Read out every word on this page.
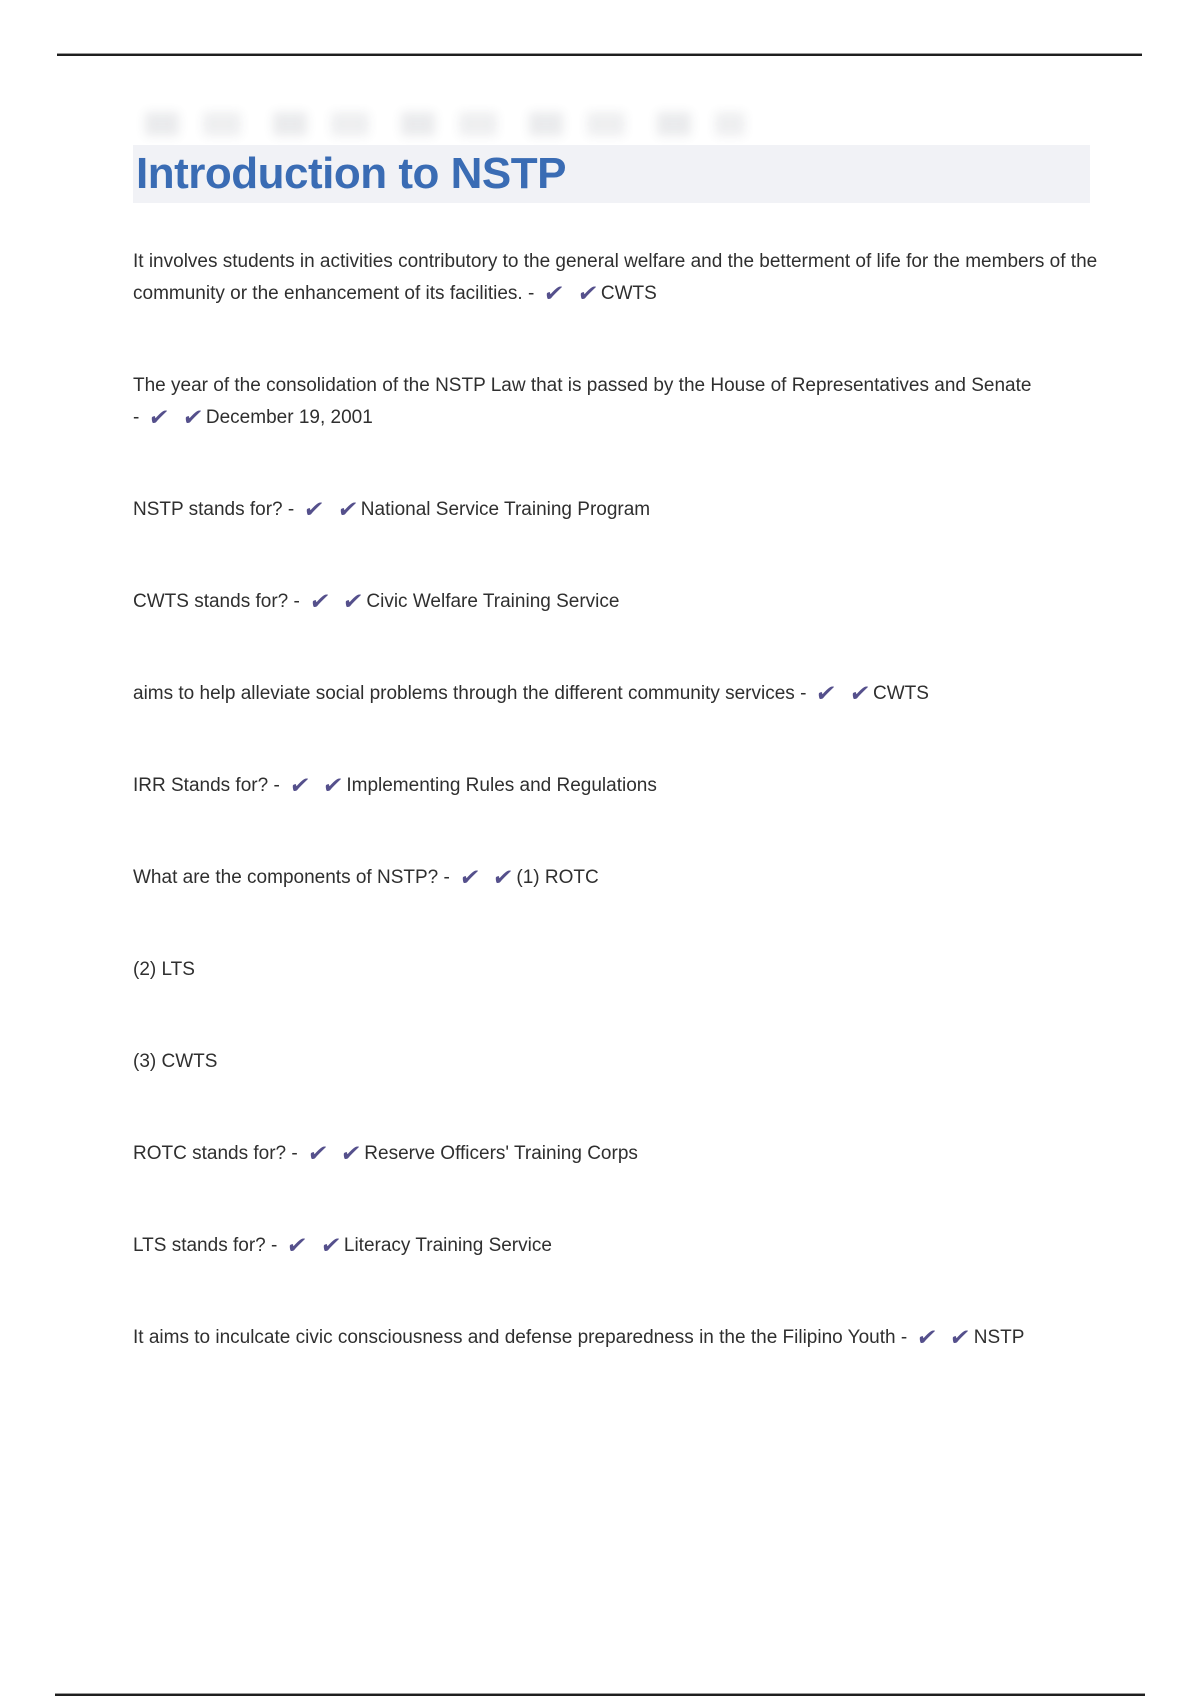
Introduction to NSTP

It involves students in activities contributory to the general welfare and the betterment of life for the members of the community or the enhancement of its facilities. - ✔ ✔CWTS

The year of the consolidation of the NSTP Law that is passed by the House of Representatives and Senate - ✔ ✔December 19, 2001

NSTP stands for? - ✔ ✔National Service Training Program

CWTS stands for? - ✔ ✔Civic Welfare Training Service

aims to help alleviate social problems through the different community services - ✔ ✔CWTS

IRR Stands for? - ✔ ✔Implementing Rules and Regulations

What are the components of NSTP? - ✔ ✔(1) ROTC

(2) LTS

(3) CWTS

ROTC stands for? - ✔ ✔Reserve Officers' Training Corps

LTS stands for? - ✔ ✔Literacy Training Service

It aims to inculcate civic consciousness and defense preparedness in the the Filipino Youth - ✔ ✔NSTP
